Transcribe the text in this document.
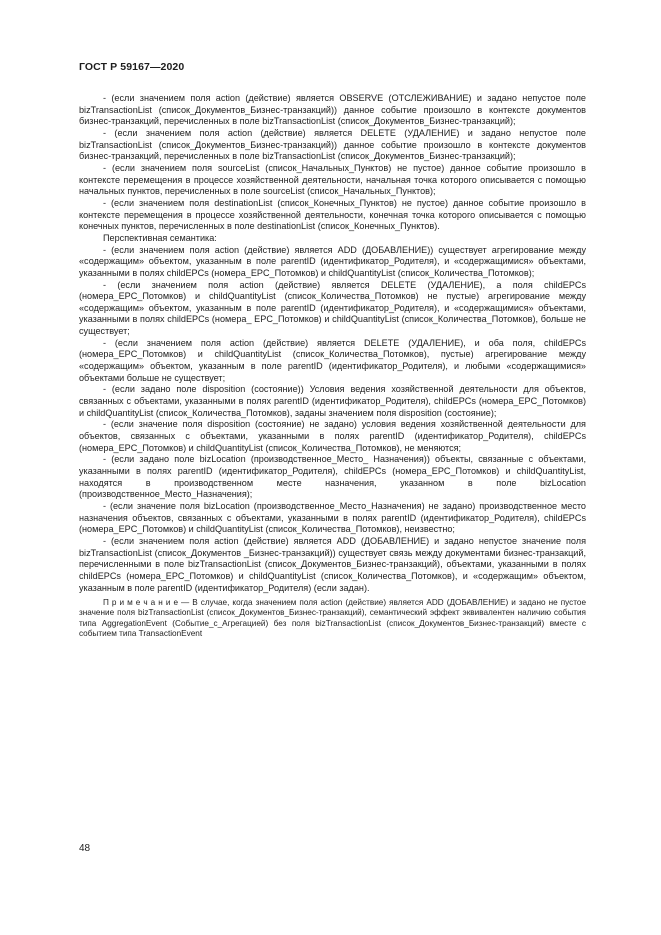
ГОСТ Р 59167—2020

- (если значением поля action (действие) является OBSERVE (ОТСЛЕЖИВАНИЕ) и задано непустое поле bizTransactionList (список_Документов_Бизнес-транзакций)) данное событие произошло в контексте документов бизнес-транзакций, перечисленных в поле bizTransactionList (список_Документов_Бизнес-транзакций);

- (если значением поля action (действие) является DELETE (УДАЛЕНИЕ) и задано непустое поле bizTransactionList (список_Документов_Бизнес-транзакций)) данное событие произошло в контексте документов бизнес-транзакций, перечисленных в поле bizTransactionList (список_Документов_Бизнес-транзакций);

- (если значением поля sourceList (список_Начальных_Пунктов) не пустое) данное событие произошло в контексте перемещения в процессе хозяйственной деятельности, начальная точка которого описывается с помощью начальных пунктов, перечисленных в поле sourceList (список_Начальных_Пунктов);

- (если значением поля destinationList (список_Конечных_Пунктов) не пустое) данное событие произошло в контексте перемещения в процессе хозяйственной деятельности, конечная точка которого описывается с помощью конечных пунктов, перечисленных в поле destinationList (список_Конечных_Пунктов).

Перспективная семантика:

- (если значением поля action (действие) является ADD (ДОБАВЛЕНИЕ)) существует агрегирование между «содержащим» объектом, указанным в поле parentID (идентификатор_Родителя), и «содержащимися» объектами, указанными в полях childEPCs (номера_EPC_Потомков) и childQuantityList (список_Количества_Потомков);

- (если значением поля action (действие) является DELETE (УДАЛЕНИЕ), а поля childEPCs (номера_EPC_Потомков) и childQuantityList (список_Количества_Потомков) не пустые) агрегирование между «содержащим» объектом, указанным в поле parentID (идентификатор_Родителя), и «содержащимися» объектами, указанными в полях childEPCs (номера_ EPC_Потомков) и childQuantityList (список_Количества_Потомков), больше не существует;

- (если значением поля action (действие) является DELETE (УДАЛЕНИЕ), и оба поля, childEPCs (номера_EPC_Потомков) и childQuantityList (список_Количества_Потомков), пустые) агрегирование между «содержащим» объектом, указанным в поле parentID (идентификатор_Родителя), и любыми «содержащимися» объектами больше не существует;

- (если задано поле disposition (состояние)) Условия ведения хозяйственной деятельности для объектов, связанных с объектами, указанными в полях parentID (идентификатор_Родителя), childEPCs (номера_EPC_Потомков) и childQuantityList (список_Количества_Потомков), заданы значением поля disposition (состояние);

- (если значение поля disposition (состояние) не задано) условия ведения хозяйственной деятельности для объектов, связанных с объектами, указанными в полях parentID (идентификатор_Родителя), childEPCs (номера_EPC_Потомков) и childQuantityList (список_Количества_Потомков), не меняются;

- (если задано поле bizLocation (производственное_Место_ Назначения)) объекты, связанные с объектами, указанными в полях parentID (идентификатор_Родителя), childEPCs (номера_EPC_Потомков) и childQuantityList, находятся в производственном месте назначения, указанном в поле bizLocation (производственное_Место_Назначения);

- (если значение поля bizLocation (производственное_Место_Назначения) не задано) производственное место назначения объектов, связанных с объектами, указанными в полях parentID (идентификатор_Родителя), childEPCs (номера_EPC_Потомков) и childQuantityList (список_Количества_Потомков), неизвестно;

- (если значением поля action (действие) является ADD (ДОБАВЛЕНИЕ) и задано непустое значение поля bizTransactionList (список_Документов _Бизнес-транзакций)) существует связь между документами бизнес-транзакций, перечисленными в поле bizTransactionList (список_Документов_Бизнес-транзакций), объектами, указанными в полях childEPCs (номера_EPC_Потомков) и childQuantityList (список_Количества_Потомков), и «содержащим» объектом, указанным в поле parentID (идентификатор_Родителя) (если задан).

П р и м е ч а н и е — В случае, когда значением поля action (действие) является ADD (ДОБАВЛЕНИЕ) и задано не пустое значение поля bizTransactionList (список_Документов_Бизнес-транзакций), семантический эффект эквивалентен наличию события типа AggregationEvent (Событие_с_Агрегацией) без поля bizTransactionList (список_Документов_Бизнес-транзакций) вместе с событием типа TransactionEvent

48
